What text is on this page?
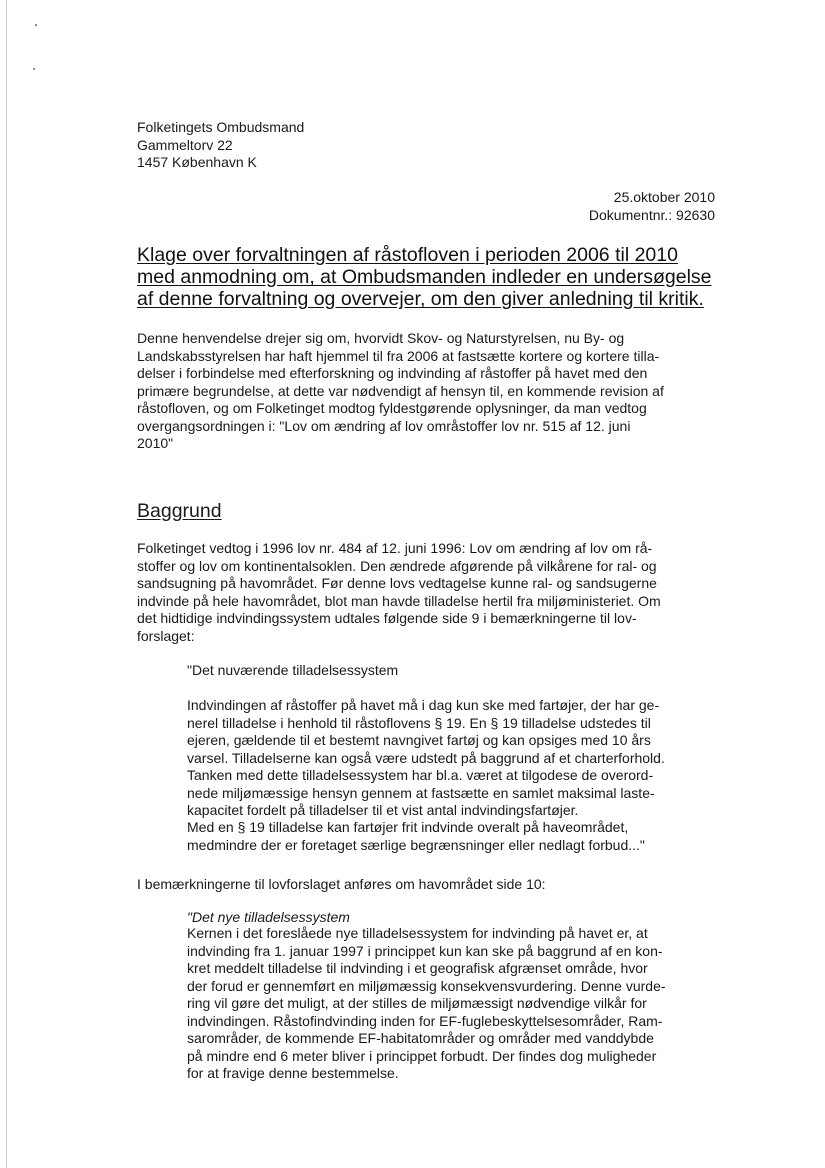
Folketingets Ombudsmand
Gammeltorv 22
1457 København K
25.oktober 2010
Dokumentnr.: 92630
Klage over forvaltningen af råstofloven i perioden 2006 til 2010
med anmodning om, at Ombudsmanden indleder en undersøgelse
af denne forvaltning og overvejer, om den giver anledning til kritik.
Denne henvendelse drejer sig om, hvorvidt Skov- og Naturstyrelsen, nu By- og
Landskabsstyrelsen har haft hjemmel til fra 2006 at fastsætte kortere og kortere tilla-
delser i forbindelse med efterforskning og indvinding af råstoffer på havet med den
primære begrundelse, at dette var nødvendigt af hensyn til, en kommende revision af
råstofloven, og om Folketinget modtog fyldestgørende oplysninger, da man vedtog
overgangsordningen i: "Lov om ændring af lov områstoffer lov nr. 515 af 12. juni
2010"
Baggrund
Folketinget vedtog i 1996 lov nr. 484 af 12. juni 1996: Lov om ændring af lov om rå-
stoffer og lov om kontinentalsoklen. Den ændrede afgørende på vilkårene for ral- og
sandsugning på havområdet. Før denne lovs vedtagelse kunne ral- og sandsugerne
indvinde på hele havområdet, blot man havde tilladelse hertil fra miljøministeriet. Om
det hidtidige indvindingssystem udtales følgende side 9 i bemærkningerne til lov-
forslaget:
"Det nuværende tilladelsessystem
Indvindingen af råstoffer på havet må i dag kun ske med fartøjer, der har ge-
nerel tilladelse i henhold til råstoflovens § 19. En § 19 tilladelse udstedes til
ejeren, gældende til et bestemt navngivet fartøj og kan opsiges med 10 års
varsel. Tilladelserne kan også være udstedt på baggrund af et charterforhold.
Tanken med dette tilladelsessystem har bl.a. været at tilgodese de overord-
nede miljømæssige hensyn gennem at fastsætte en samlet maksimal laste-
kapacitet fordelt på tilladelser til et vist antal indvindingsfartøjer.
Med en § 19 tilladelse kan fartøjer frit indvinde overalt på haveområdet,
medmindre der er foretaget særlige begrænsninger eller nedlagt forbud..."
I bemærkningerne til lovforslaget anføres om havområdet side 10:
"Det nye tilladelsessystem
Kernen i det foreslåede nye tilladelsessystem for indvinding på havet er, at
indvinding fra 1. januar 1997 i princippet kun kan ske på baggrund af en kon-
kret meddelt tilladelse til indvinding i et geografisk afgrænset område, hvor
der forud er gennemført en miljømæssig konsekvensvurdering. Denne vurde-
ring vil gøre det muligt, at der stilles de miljømæssigt nødvendige vilkår for
indvindingen. Råstofindvinding inden for EF-fuglebeskyttelsesområder, Ram-
sarområder, de kommende EF-habitatområder og områder med vanddybde
på mindre end 6 meter bliver i princippet forbudt. Der findes dog muligheder
for at fravige denne bestemmelse.
